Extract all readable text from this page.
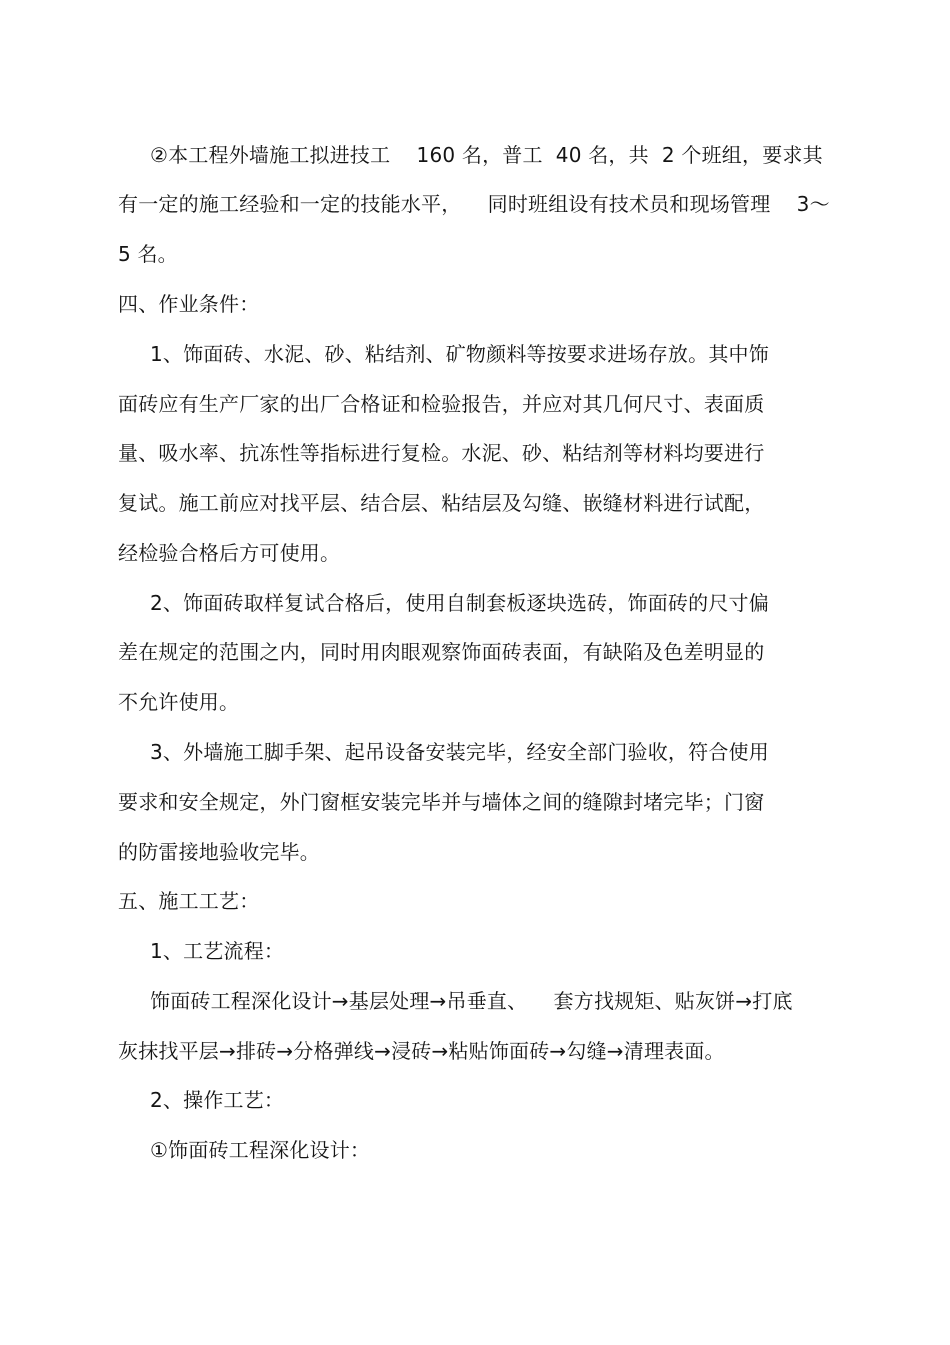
②本工程外墙施工拟进技工    160 名，普工  40 名，共  2 个班组，要求其
有一定的施工经验和一定的技能水平，    同时班组设有技术员和现场管理    3～
5 名。
四、作业条件：
1、饰面砖、水泥、砂、粘结剂、矿物颜料等按要求进场存放。其中饰
面砖应有生产厂家的出厂合格证和检验报告，并应对其几何尺寸、表面质
量、吸水率、抗冻性等指标进行复检。水泥、砂、粘结剂等材料均要进行
复试。施工前应对找平层、结合层、粘结层及勾缝、嵌缝材料进行试配，
经检验合格后方可使用。
2、饰面砖取样复试合格后，使用自制套板逐块选砖，饰面砖的尺寸偏
差在规定的范围之内，同时用肉眼观察饰面砖表面，有缺陷及色差明显的
不允许使用。
3、外墙施工脚手架、起吊设备安装完毕，经安全部门验收，符合使用
要求和安全规定，外门窗框安装完毕并与墙体之间的缝隙封堵完毕；门窗
的防雷接地验收完毕。
五、施工工艺：
1、工艺流程：
饰面砖工程深化设计→基层处理→吊垂直、    套方找规矩、贴灰饼→打底
灰抹找平层→排砖→分格弹线→浸砖→粘贴饰面砖→勾缝→清理表面。
2、操作工艺：
①饰面砖工程深化设计：
